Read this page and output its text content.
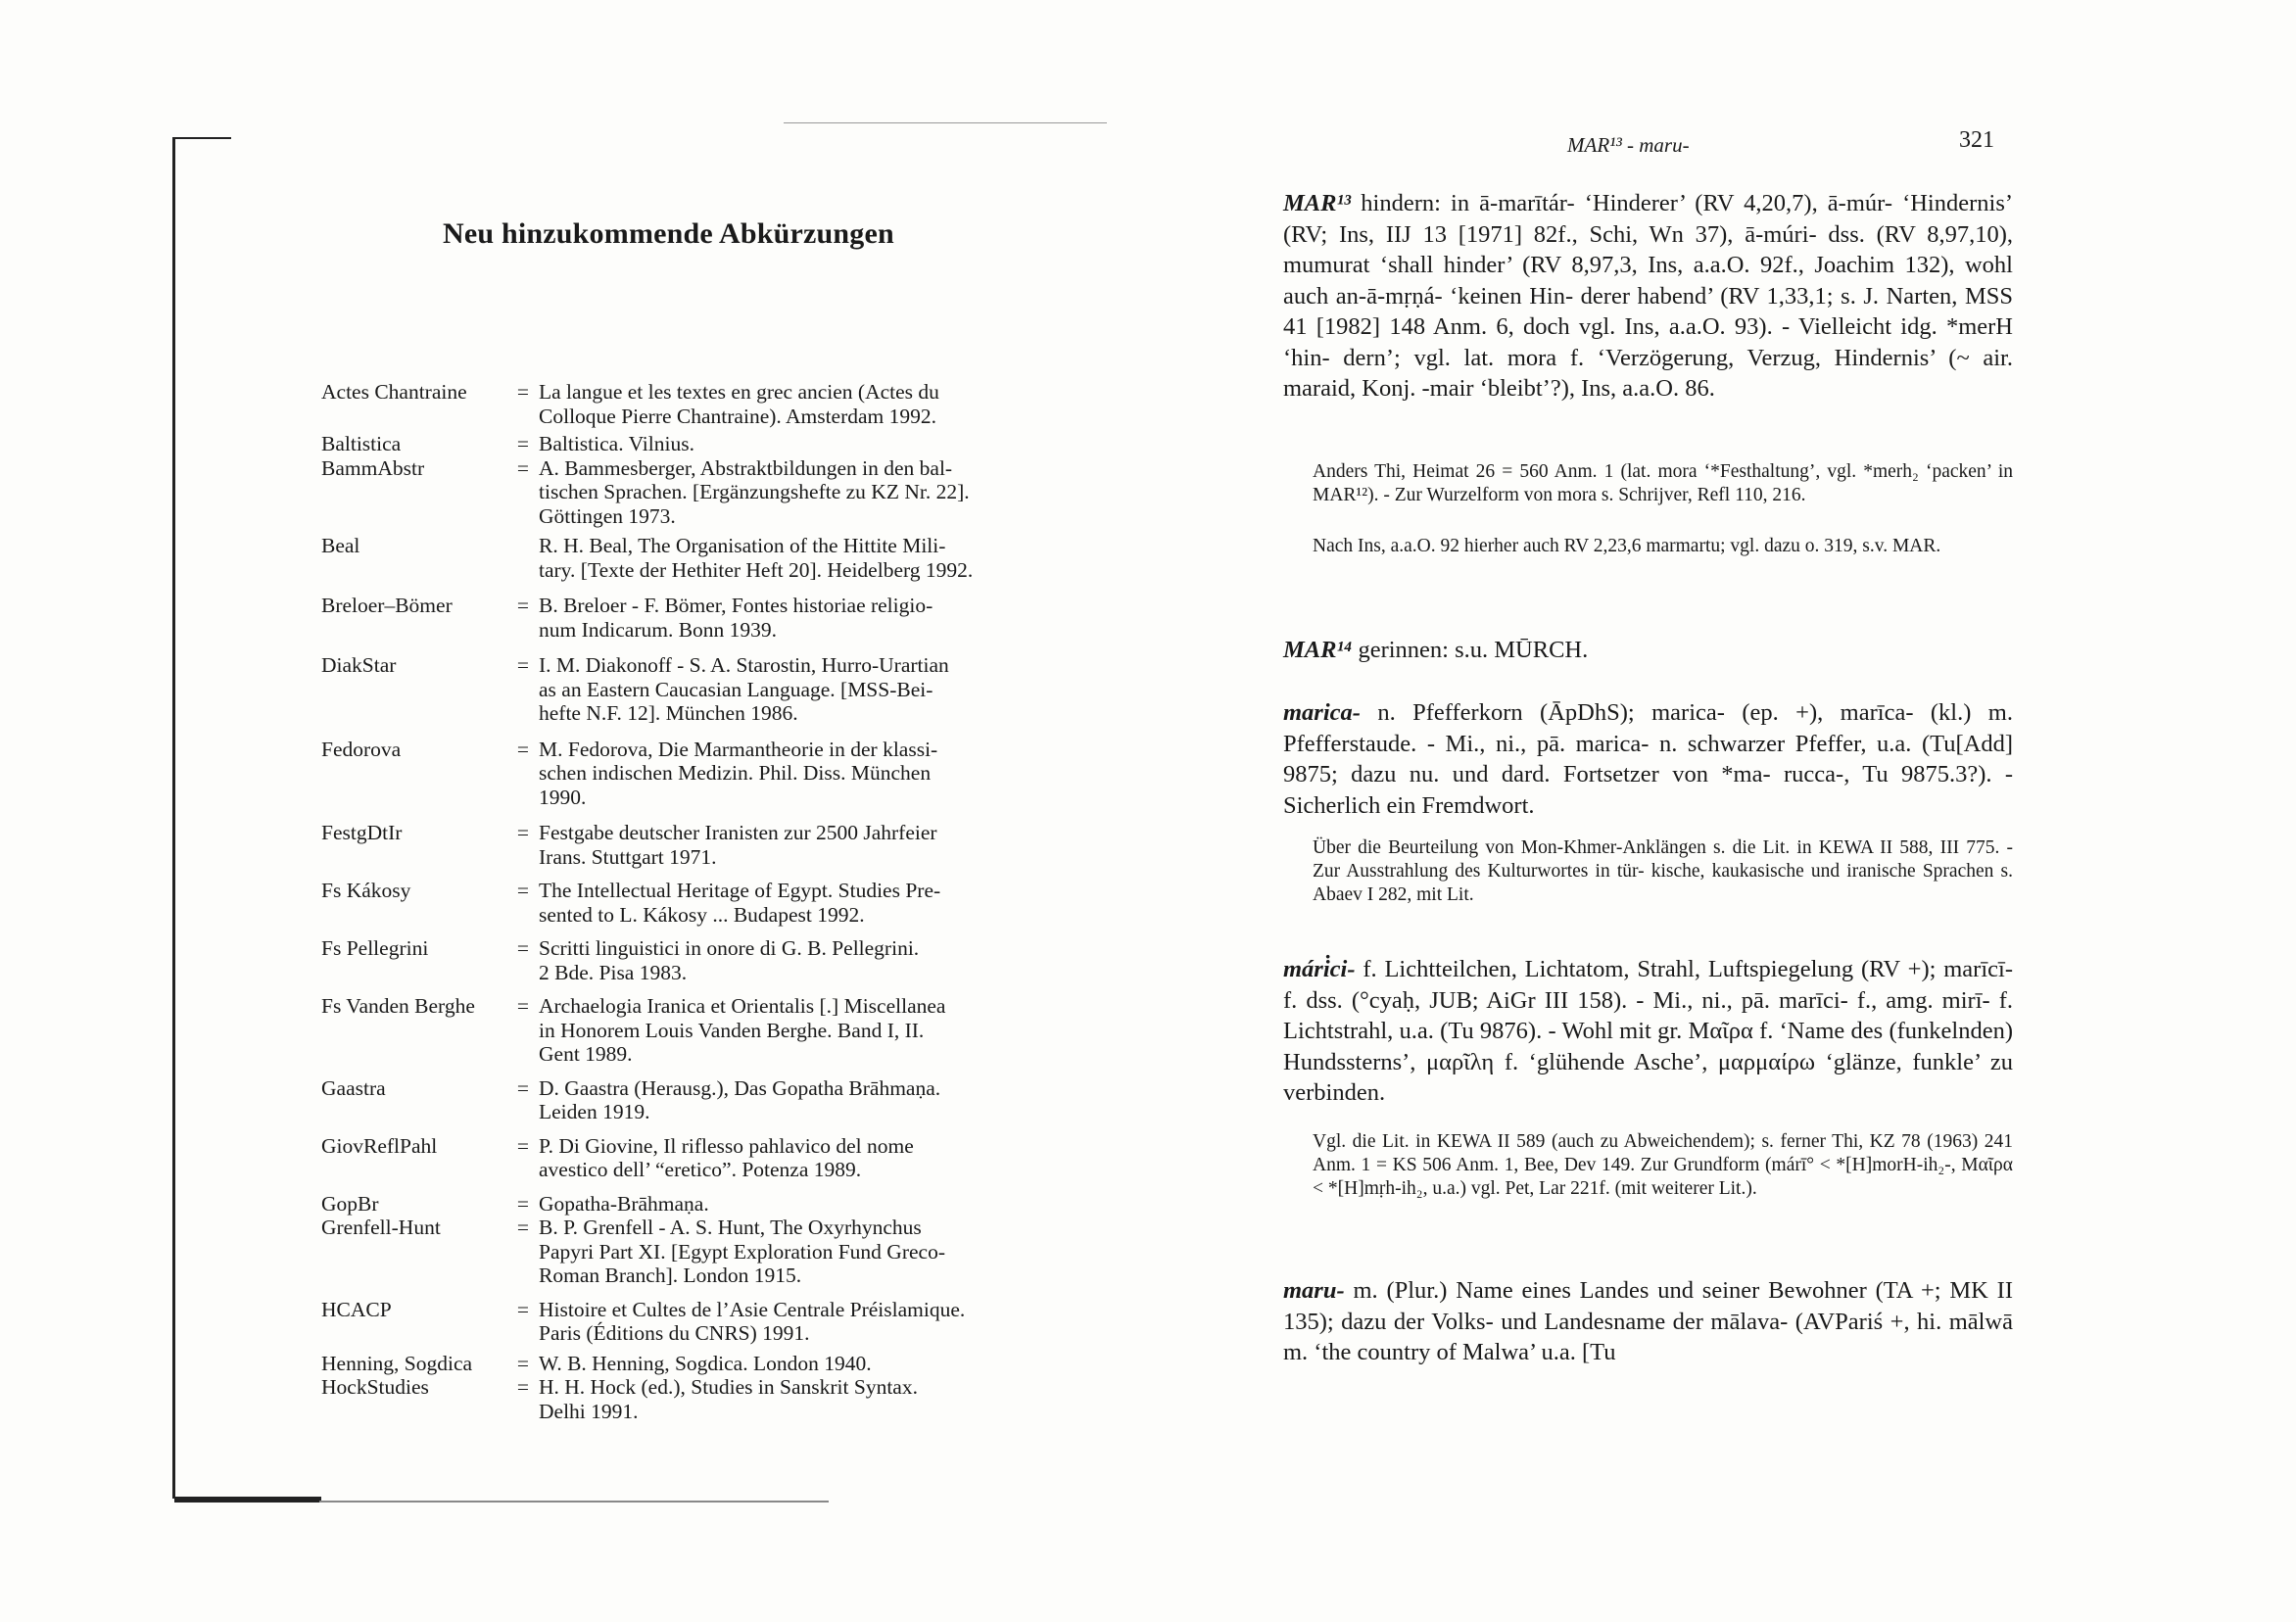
Neu hinzukommende Abkürzungen
Actes Chantraine	= La langue et les textes en grec ancien (Actes du
Colloque Pierre Chantraine). Amsterdam 1992.
Baltistica	= Baltistica. Vilnius.
BammAbstr	= A. Bammesberger, Abstraktbildungen in den bal-
tischen Sprachen. [Ergänzungshefte zu KZ Nr. 22].
Göttingen 1973.
Beal	R. H. Beal, The Organisation of the Hittite Mili-
tary. [Texte der Hethiter Heft 20]. Heidelberg 1992.
Breloer–Bömer	= B. Breloer - F. Bömer, Fontes historiae religio-
num Indicarum. Bonn 1939.
DiakStar	= I. M. Diakonoff - S. A. Starostin, Hurro-Urartian
as an Eastern Caucasian Language. [MSS-Bei-
hefte N.F. 12]. München 1986.
Fedorova	= M. Fedorova, Die Marmantheorie in der klassi-
schen indischen Medizin. Phil. Diss. München
1990.
FestgDtIr	= Festgabe deutscher Iranisten zur 2500 Jahrfeier
Irans. Stuttgart 1971.
Fs Kákosy	= The Intellectual Heritage of Egypt. Studies Pre-
sented to L. Kákosy ... Budapest 1992.
Fs Pellegrini	= Scritti linguistici in onore di G. B. Pellegrini.
2 Bde. Pisa 1983.
Fs Vanden Berghe	= Archaelogia Iranica et Orientalis [.] Miscellanea
in Honorem Louis Vanden Berghe. Band I, II.
Gent 1989.
Gaastra	= D. Gaastra (Herausg.), Das Gopatha Brāhmaṇa.
Leiden 1919.
GiovReflPahl	= P. Di Giovine, Il riflesso pahlavico del nome
avestico dell’ “eretico”. Potenza 1989.
GopBr	= Gopatha-Brāhmaṇa.
Grenfell-Hunt	= B. P. Grenfell - A. S. Hunt, The Oxyrhynchus
Papyri Part XI. [Egypt Exploration Fund Greco-
Roman Branch]. London 1915.
HCACP	= Histoire et Cultes de l’Asie Centrale Préislamique.
Paris (Éditions du CNRS) 1991.
Henning, Sogdica	= W. B. Henning, Sogdica. London 1940.
HockStudies	= H. H. Hock (ed.), Studies in Sanskrit Syntax.
Delhi 1991.
MAR¹³ - maru-	321
MAR¹³ hindern: in ā-marītár- ‘Hinderer’ (RV 4,20,7), ā-múr- ‘Hindernis’ (RV; Ins, IIJ 13 [1971] 82f., Schi, Wn 37), ā-múri- dss. (RV 8,97,10), mumurat ‘shall hinder’ (RV 8,97,3, Ins, a.a.O. 92f., Joachim 132), wohl auch an-ā-mṛṇá- ‘keinen Hin- derer habend’ (RV 1,33,1; s. J. Narten, MSS 41 [1982] 148 Anm. 6, doch vgl. Ins, a.a.O. 93). - Vielleicht idg. *merH ‘hin- dern’; vgl. lat. mora f. ‘Verzögerung, Verzug, Hindernis’ (~ air. maraid, Konj. -mair ‘bleibt’?), Ins, a.a.O. 86.
Anders Thi, Heimat 26 = 560 Anm. 1 (lat. mora ‘*Festhaltung’, vgl. *merh₂ ‘packen’ in MAR¹²). - Zur Wurzelform von mora s. Schrijver, Refl 110, 216.
Nach Ins, a.a.O. 92 hierher auch RV 2,23,6 marmartu; vgl. dazu o. 319, s.v. MAR.
MAR¹⁴ gerinnen: s.u. MŪRCH.
marica- n. Pfefferkorn (ĀpDhS); marica- (ep. +), marīca- (kl.) m. Pfefferstaude. - Mi., ni., pā. marica- n. schwarzer Pfeffer, u.a. (Tu[Add] 9875; dazu nu. und dard. Fortsetzer von *ma- rucca-, Tu 9875.3?). - Sicherlich ein Fremdwort.
Über die Beurteilung von Mon-Khmer-Anklängen s. die Lit. in KEWA II 588, III 775. - Zur Ausstrahlung des Kulturwortes in tür- kische, kaukasische und iranische Sprachen s. Abaev I 282, mit Lit.
mári̇ci- f. Lichtteilchen, Lichtatom, Strahl, Luftspiegelung (RV +); marīcī- f. dss. (°cyaḥ, JUB; AiGr III 158). - Mi., ni., pā. marīci- f., amg. mirī- f. Lichtstrahl, u.a. (Tu 9876). - Wohl mit gr. Μαῖρα f. ‘Name des (funkelnden) Hundssterns’, μαρῖλη f. ‘glühende Asche’, μαρμαίρω ‘glänze, funkle’ zu verbinden.
Vgl. die Lit. in KEWA II 589 (auch zu Abweichendem); s. ferner Thi, KZ 78 (1963) 241 Anm. 1 = KS 506 Anm. 1, Bee, Dev 149. Zur Grundform (márī° < *[H]morH-ih₂-, Μαῖρα < *[H]mṛh-ih₂, u.a.) vgl. Pet, Lar 221f. (mit weiterer Lit.).
maru- m. (Plur.) Name eines Landes und seiner Bewohner (TA +; MK II 135); dazu der Volks- und Landesname der mālava- (AVPariś +, hi. mālwā m. ‘the country of Malwa’ u.a. [Tu
